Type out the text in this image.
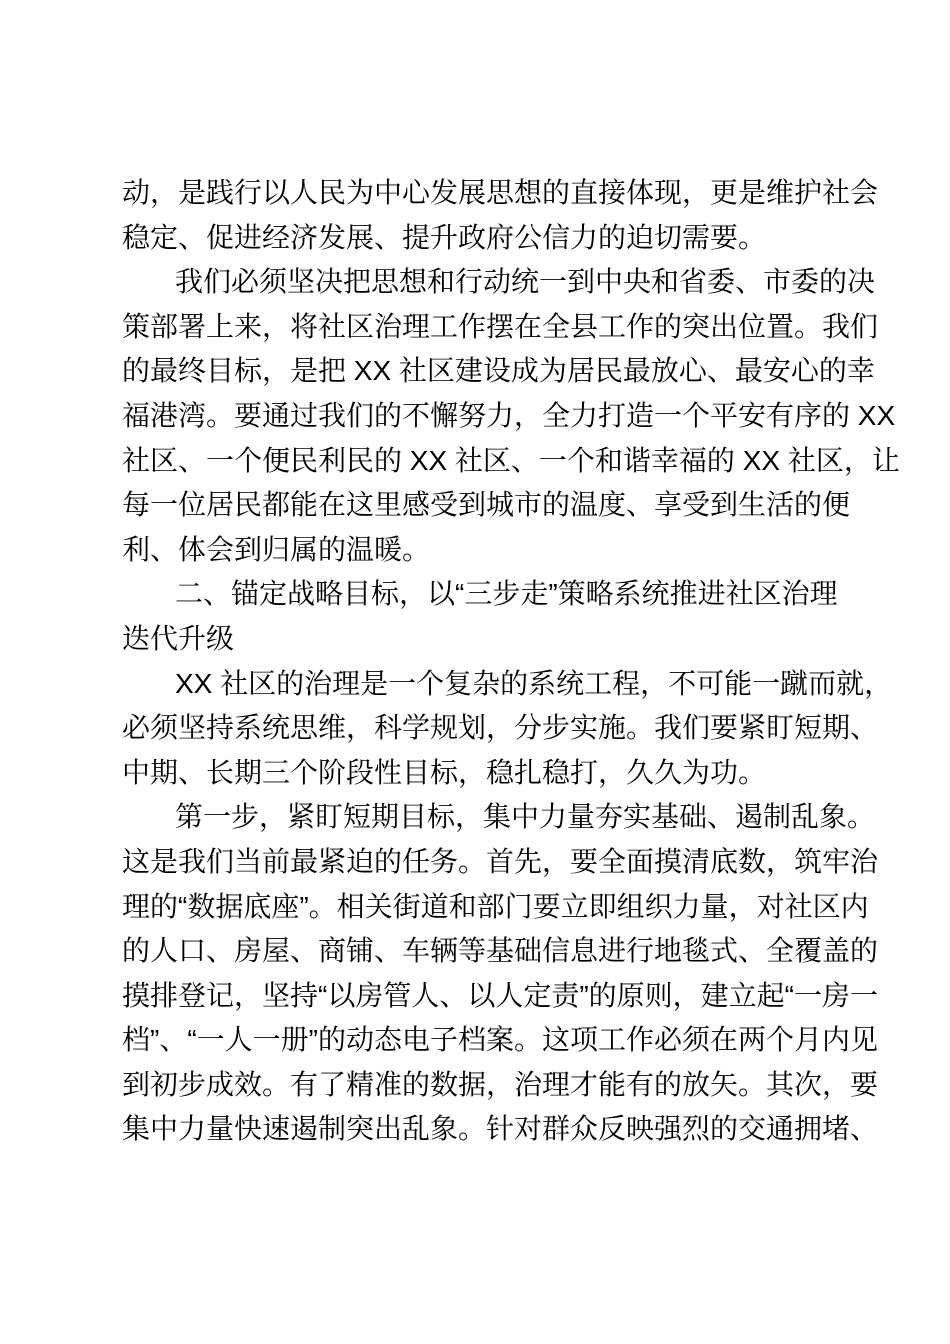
动，是践行以人民为中心发展思想的直接体现，更是维护社会
稳定、促进经济发展、提升政府公信力的迫切需要。
我们必须坚决把思想和行动统一到中央和省委、市委的决
策部署上来，将社区治理工作摆在全县工作的突出位置。我们
的最终目标，是把 XX 社区建设成为居民最放心、最安心的幸
福港湾。要通过我们的不懈努力，全力打造一个平安有序的 XX
社区、一个便民利民的 XX 社区、一个和谐幸福的 XX 社区，让
每一位居民都能在这里感受到城市的温度、享受到生活的便
利、体会到归属的温暖。
二、锚定战略目标，以“三步走”策略系统推进社区治理
迭代升级
XX 社区的治理是一个复杂的系统工程，不可能一蹴而就，
必须坚持系统思维，科学规划，分步实施。我们要紧盯短期、
中期、长期三个阶段性目标，稳扎稳打，久久为功。
第一步，紧盯短期目标，集中力量夯实基础、遏制乱象。
这是我们当前最紧迫的任务。首先，要全面摸清底数，筑牢治
理的“数据底座”。相关街道和部门要立即组织力量，对社区内
的人口、房屋、商铺、车辆等基础信息进行地毯式、全覆盖的
摸排登记，坚持“以房管人、以人定责”的原则，建立起“一房一
档”、“一人一册”的动态电子档案。这项工作必须在两个月内见
到初步成效。有了精准的数据，治理才能有的放矢。其次，要
集中力量快速遏制突出乱象。针对群众反映强烈的交通拥堵、
